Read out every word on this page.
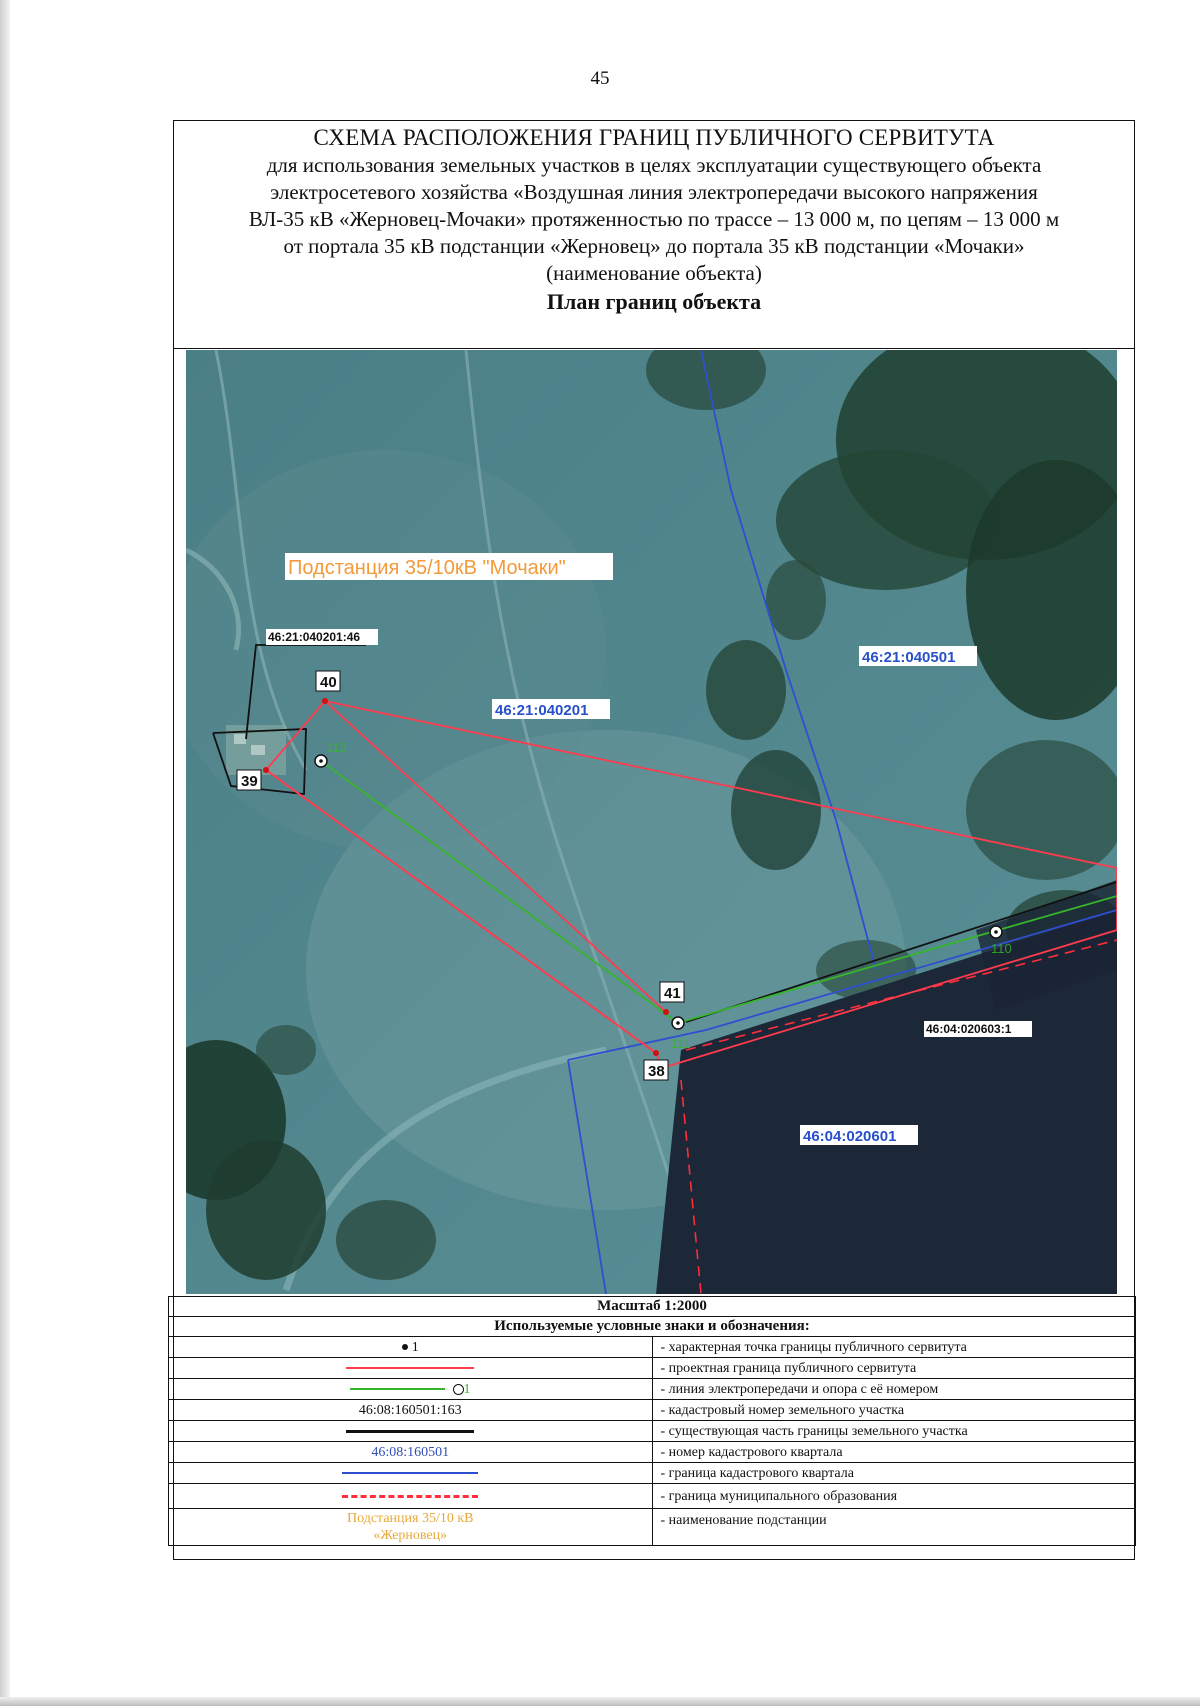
45
СХЕМА РАСПОЛОЖЕНИЯ ГРАНИЦ ПУБЛИЧНОГО СЕРВИТУТА
для использования земельных участков в целях эксплуатации существующего объекта
электросетевого хозяйства «Воздушная линия электропередачи высокого напряжения
ВЛ-35 кВ «Жерновец-Мочаки» протяженностью по трассе – 13 000 м, по цепям – 13 000 м
от портала 35 кВ подстанции «Жерновец» до портала 35 кВ подстанции «Мочаки»
(наименование объекта)
План границ объекта
112
111
110
40
39
41
38
46:21:040201:46
46:04:020603:1
46:21:040201
46:21:040501
46:04:020601
Подстанция 35/10кВ "Мочаки"
Масштаб 1:2000	
Используемые условные знаки и обозначения:	
1	- характерная точка границы публичного сервитута
	- проектная граница публичного сервитута
1	- линия электропередачи и опора с её номером
46:08:160501:163	- кадастровый номер земельного участка
	- существующая часть границы земельного участка
46:08:160501	- номер кадастрового квартала
	- граница кадастрового квартала
	- граница муниципального образования

Подстанция 35/10 кВ
«Жерновец»	- наименование подстанции
